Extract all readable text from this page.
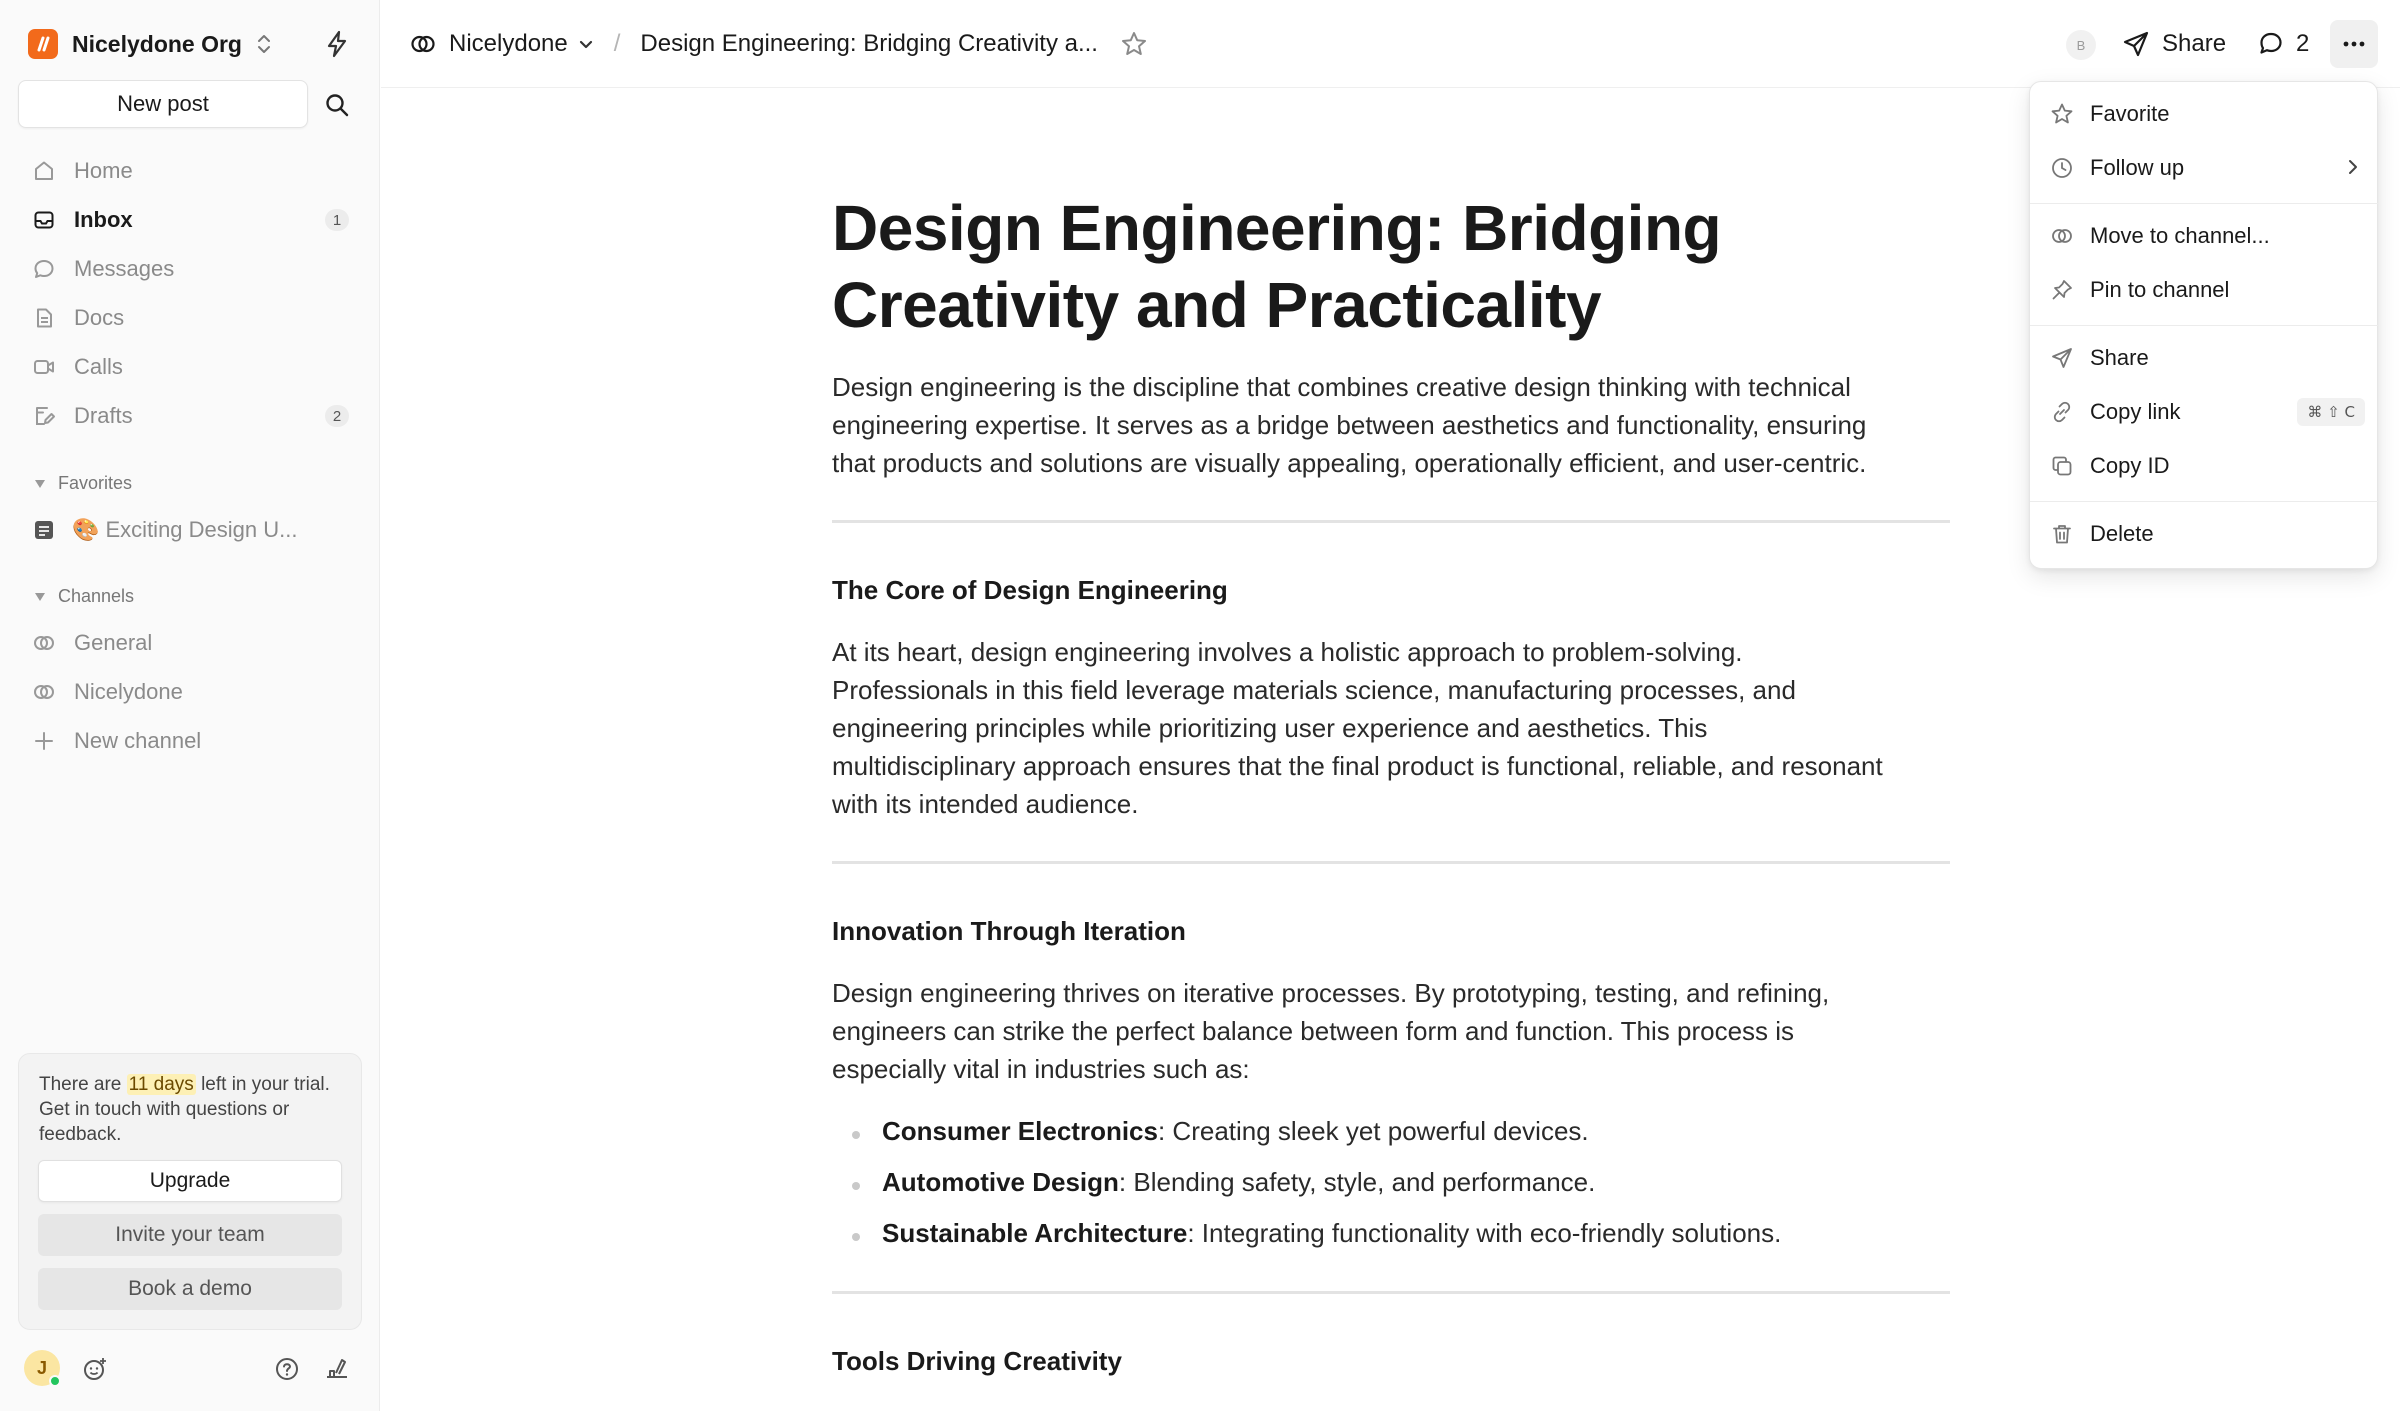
Nicelydone Org
New post
Home
Inbox	1
Messages
Docs
Calls
Drafts	2
Favorites
🎨 Exciting Design U...
Channels
General
Nicelydone
New channel
There are 11 days left in your trial. Get in touch with questions or feedback.
Upgrade
Invite your team
Book a demo
J
Nicelydone / Design Engineering: Bridging Creativity a...	B	Share	2
Design Engineering: Bridging
Creativity and Practicality
Design engineering is the discipline that combines creative design thinking with technical
engineering expertise. It serves as a bridge between aesthetics and functionality, ensuring
that products and solutions are visually appealing, operationally efficient, and user-centric.
The Core of Design Engineering
At its heart, design engineering involves a holistic approach to problem-solving.
Professionals in this field leverage materials science, manufacturing processes, and
engineering principles while prioritizing user experience and aesthetics. This
multidisciplinary approach ensures that the final product is functional, reliable, and resonant
with its intended audience.
Innovation Through Iteration
Design engineering thrives on iterative processes. By prototyping, testing, and refining,
engineers can strike the perfect balance between form and function. This process is
especially vital in industries such as:
Consumer Electronics: Creating sleek yet powerful devices.
Automotive Design: Blending safety, style, and performance.
Sustainable Architecture: Integrating functionality with eco-friendly solutions.
Tools Driving Creativity
Favorite
Follow up
Move to channel...
Pin to channel
Share
Copy link	⌘ ⇧ C
Copy ID
Delete
